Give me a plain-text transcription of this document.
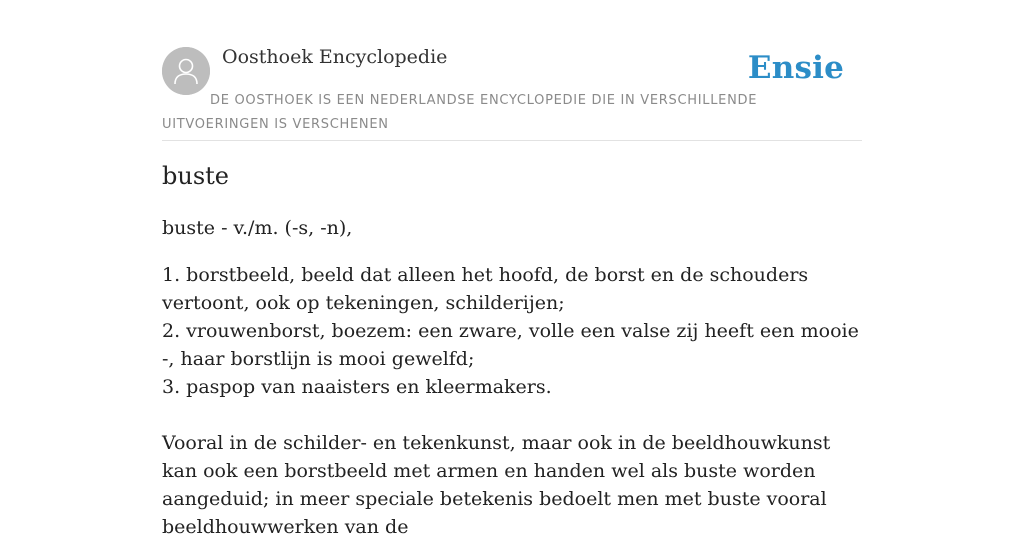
Oosthoek Encyclopedie	Ensie
DE OOSTHOEK IS EEN NEDERLANDSE ENCYCLOPEDIE DIE IN VERSCHILLENDE UITVOERINGEN IS VERSCHENEN
buste

buste - v./m. (-s, -n),

1. borstbeeld, beeld dat alleen het hoofd, de borst en de schouders vertoont, ook op tekeningen, schilderijen;

2. vrouwenborst, boezem: een zware, volle een valse zij heeft een mooie -, haar borstlijn is mooi gewelfd;

3. paspop van naaisters en kleermakers.

Vooral in de schilder- en tekenkunst, maar ook in de beeldhouwkunst kan ook een borstbeeld met armen en handen wel als buste worden aangeduid; in meer speciale betekenis bedoelt men met buste vooral beeldhouwwerken van de
